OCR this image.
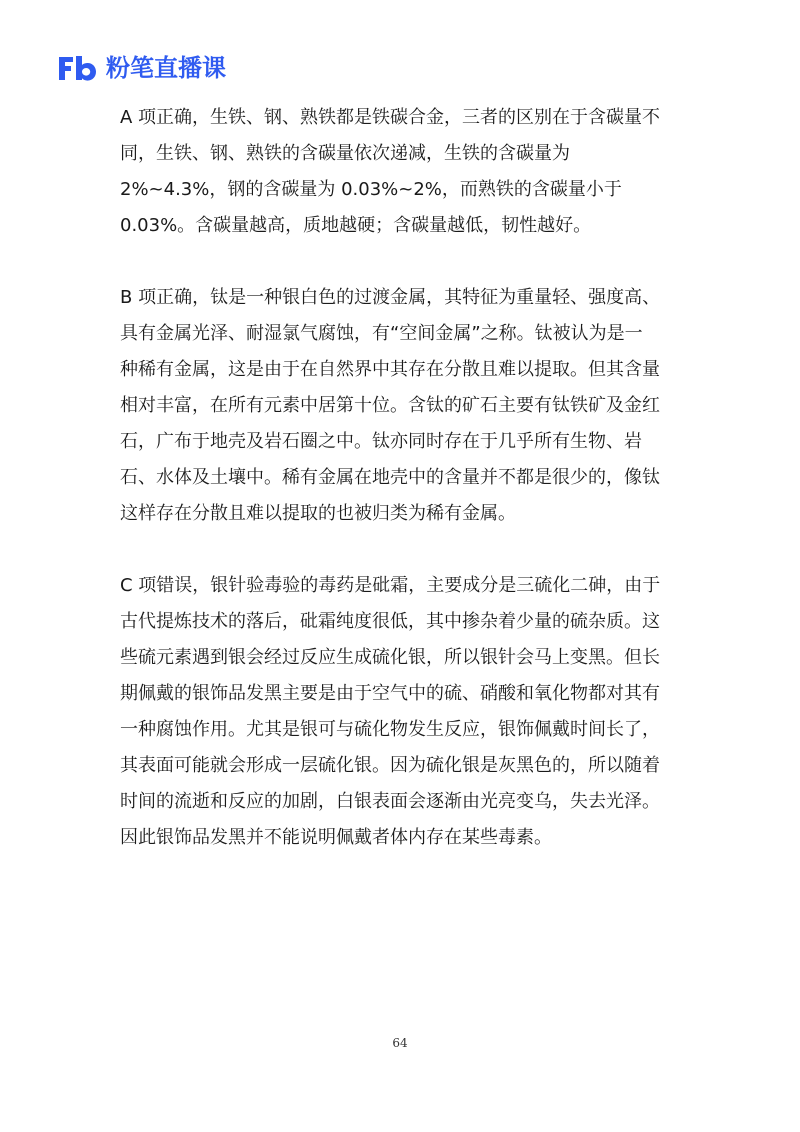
粉笔直播课

A 项正确，生铁、钢、熟铁都是铁碳合金，三者的区别在于含碳量不
同，生铁、钢、熟铁的含碳量依次递减，生铁的含碳量为
2%~4.3%，钢的含碳量为 0.03%~2%，而熟铁的含碳量小于
0.03%。含碳量越高，质地越硬；含碳量越低，韧性越好。

B 项正确，钛是一种银白色的过渡金属，其特征为重量轻、强度高、
具有金属光泽、耐湿氯气腐蚀，有“空间金属”之称。钛被认为是一
种稀有金属，这是由于在自然界中其存在分散且难以提取。但其含量
相对丰富，在所有元素中居第十位。含钛的矿石主要有钛铁矿及金红
石，广布于地壳及岩石圈之中。钛亦同时存在于几乎所有生物、岩
石、水体及土壤中。稀有金属在地壳中的含量并不都是很少的，像钛
这样存在分散且难以提取的也被归类为稀有金属。

C 项错误，银针验毒验的毒药是砒霜，主要成分是三硫化二砷，由于
古代提炼技术的落后，砒霜纯度很低，其中掺杂着少量的硫杂质。这
些硫元素遇到银会经过反应生成硫化银，所以银针会马上变黑。但长
期佩戴的银饰品发黑主要是由于空气中的硫、硝酸和氧化物都对其有
一种腐蚀作用。尤其是银可与硫化物发生反应，银饰佩戴时间长了，
其表面可能就会形成一层硫化银。因为硫化银是灰黑色的，所以随着
时间的流逝和反应的加剧，白银表面会逐渐由光亮变乌，失去光泽。
因此银饰品发黑并不能说明佩戴者体内存在某些毒素。

64
